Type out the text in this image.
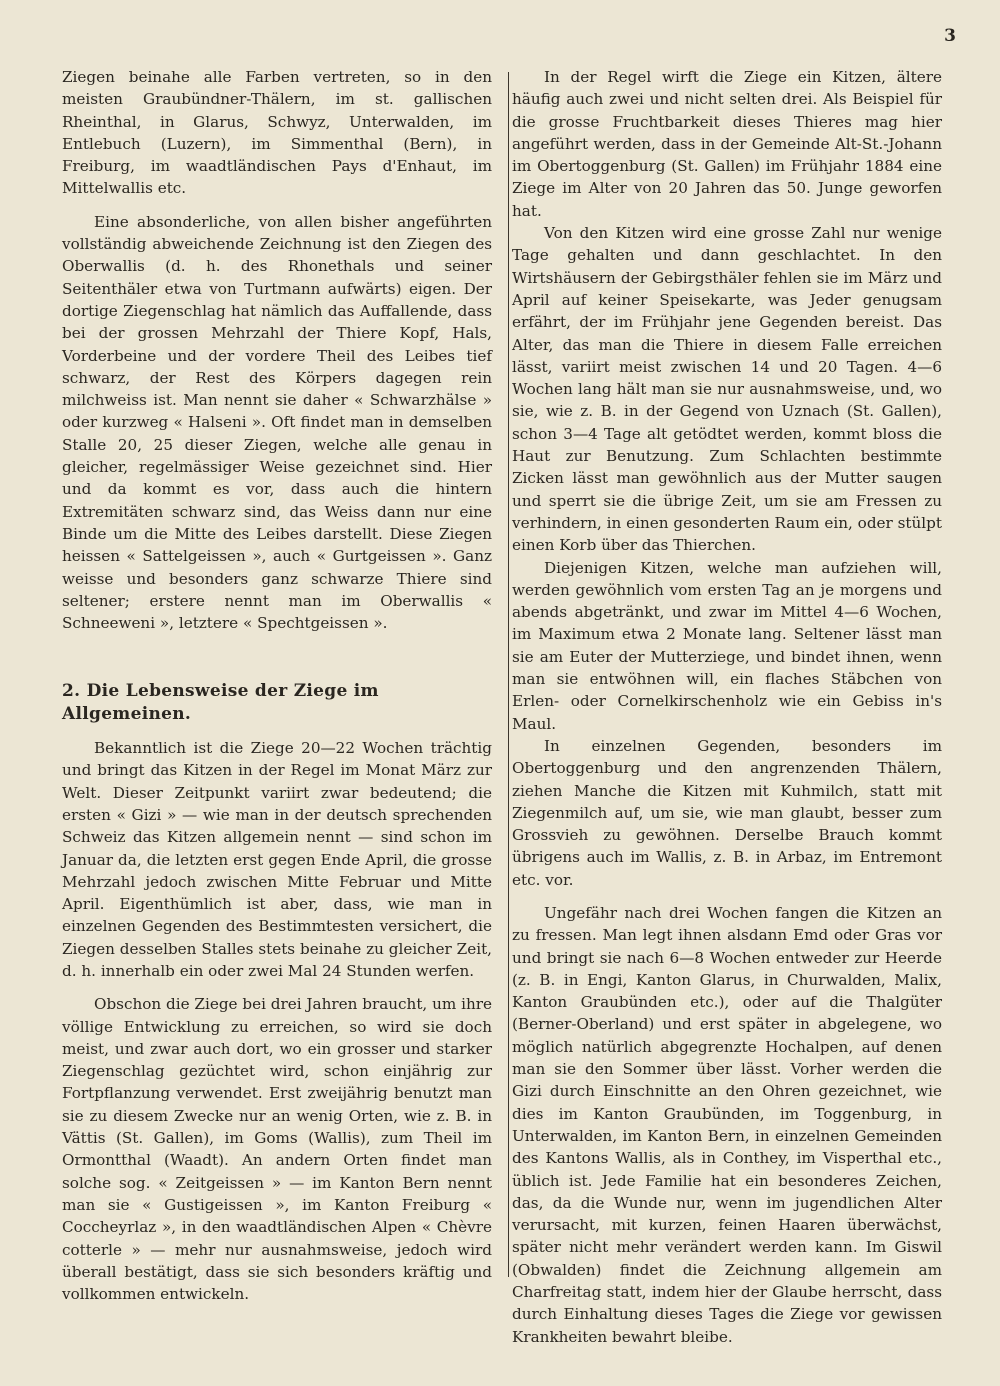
3

Ziegen beinahe alle Farben vertreten, so in den meisten Graubündner-Thälern, im st. gallischen Rheinthal, in Glarus, Schwyz, Unterwalden, im Entlebuch (Luzern), im Simmenthal (Bern), in Freiburg, im waadtländischen Pays d'Enhaut, im Mittelwallis etc.

Eine absonderliche, von allen bisher angeführten vollständig abweichende Zeichnung ist den Ziegen des Oberwallis (d. h. des Rhonethals und seiner Seitenthäler etwa von Turtmann aufwärts) eigen. Der dortige Ziegenschlag hat nämlich das Auffallende, dass bei der grossen Mehrzahl der Thiere Kopf, Hals, Vorderbeine und der vordere Theil des Leibes tief schwarz, der Rest des Körpers dagegen rein milchweiss ist. Man nennt sie daher « Schwarzhälse » oder kurzweg « Halseni ». Oft findet man in demselben Stalle 20, 25 dieser Ziegen, welche alle genau in gleicher, regelmässiger Weise gezeichnet sind. Hier und da kommt es vor, dass auch die hintern Extremitäten schwarz sind, das Weiss dann nur eine Binde um die Mitte des Leibes darstellt. Diese Ziegen heissen « Sattelgeissen », auch « Gurtgeissen ». Ganz weisse und besonders ganz schwarze Thiere sind seltener; erstere nennt man im Oberwallis « Schneeweni », letztere « Spechtgeissen ».

2. Die Lebensweise der Ziege im Allgemeinen.

Bekanntlich ist die Ziege 20—22 Wochen trächtig und bringt das Kitzen in der Regel im Monat März zur Welt. Dieser Zeitpunkt variirt zwar bedeutend; die ersten « Gizi » — wie man in der deutsch sprechenden Schweiz das Kitzen allgemein nennt — sind schon im Januar da, die letzten erst gegen Ende April, die grosse Mehrzahl jedoch zwischen Mitte Februar und Mitte April. Eigenthümlich ist aber, dass, wie man in einzelnen Gegenden des Bestimmtesten versichert, die Ziegen desselben Stalles stets beinahe zu gleicher Zeit, d. h. innerhalb ein oder zwei Mal 24 Stunden werfen.

Obschon die Ziege bei drei Jahren braucht, um ihre völlige Entwicklung zu erreichen, so wird sie doch meist, und zwar auch dort, wo ein grosser und starker Ziegenschlag gezüchtet wird, schon einjährig zur Fortpflanzung verwendet. Erst zweijährig benutzt man sie zu diesem Zwecke nur an wenig Orten, wie z. B. in Vättis (St. Gallen), im Goms (Wallis), zum Theil im Ormontthal (Waadt). An andern Orten findet man solche sog. « Zeitgeissen » — im Kanton Bern nennt man sie « Gustigeissen », im Kanton Freiburg « Coccheyrlaz », in den waadtländischen Alpen « Chèvre cotterle » — mehr nur ausnahmsweise, jedoch wird überall bestätigt, dass sie sich besonders kräftig und vollkommen entwickeln.

In der Regel wirft die Ziege ein Kitzen, ältere häufig auch zwei und nicht selten drei. Als Beispiel für die grosse Fruchtbarkeit dieses Thieres mag hier angeführt werden, dass in der Gemeinde Alt-St.-Johann im Obertoggenburg (St. Gallen) im Frühjahr 1884 eine Ziege im Alter von 20 Jahren das 50. Junge geworfen hat.

Von den Kitzen wird eine grosse Zahl nur wenige Tage gehalten und dann geschlachtet. In den Wirtshäusern der Gebirgsthäler fehlen sie im März und April auf keiner Speisekarte, was Jeder genugsam erfährt, der im Frühjahr jene Gegenden bereist. Das Alter, das man die Thiere in diesem Falle erreichen lässt, variirt meist zwischen 14 und 20 Tagen. 4—6 Wochen lang hält man sie nur ausnahmsweise, und, wo sie, wie z. B. in der Gegend von Uznach (St. Gallen), schon 3—4 Tage alt getödtet werden, kommt bloss die Haut zur Benutzung. Zum Schlachten bestimmte Zicken lässt man gewöhnlich aus der Mutter saugen und sperrt sie die übrige Zeit, um sie am Fressen zu verhindern, in einen gesonderten Raum ein, oder stülpt einen Korb über das Thierchen.

Diejenigen Kitzen, welche man aufziehen will, werden gewöhnlich vom ersten Tag an je morgens und abends abgetränkt, und zwar im Mittel 4—6 Wochen, im Maximum etwa 2 Monate lang. Seltener lässt man sie am Euter der Mutterziege, und bindet ihnen, wenn man sie entwöhnen will, ein flaches Stäbchen von Erlen- oder Cornelkirschenholz wie ein Gebiss in's Maul.

In einzelnen Gegenden, besonders im Obertoggenburg und den angrenzenden Thälern, ziehen Manche die Kitzen mit Kuhmilch, statt mit Ziegenmilch auf, um sie, wie man glaubt, besser zum Grossvieh zu gewöhnen. Derselbe Brauch kommt übrigens auch im Wallis, z. B. in Arbaz, im Entremont etc. vor.

Ungefähr nach drei Wochen fangen die Kitzen an zu fressen. Man legt ihnen alsdann Emd oder Gras vor und bringt sie nach 6—8 Wochen entweder zur Heerde (z. B. in Engi, Kanton Glarus, in Churwalden, Malix, Kanton Graubünden etc.), oder auf die Thalgüter (Berner-Oberland) und erst später in abgelegene, wo möglich natürlich abgegrenzte Hochalpen, auf denen man sie den Sommer über lässt. Vorher werden die Gizi durch Einschnitte an den Ohren gezeichnet, wie dies im Kanton Graubünden, im Toggenburg, in Unterwalden, im Kanton Bern, in einzelnen Gemeinden des Kantons Wallis, als in Conthey, im Visperthal etc., üblich ist. Jede Familie hat ein besonderes Zeichen, das, da die Wunde nur, wenn im jugendlichen Alter verursacht, mit kurzen, feinen Haaren überwächst, später nicht mehr verändert werden kann. Im Giswil (Obwalden) findet die Zeichnung allgemein am Charfreitag statt, indem hier der Glaube herrscht, dass durch Einhaltung dieses Tages die Ziege vor gewissen Krankheiten bewahrt bleibe.
